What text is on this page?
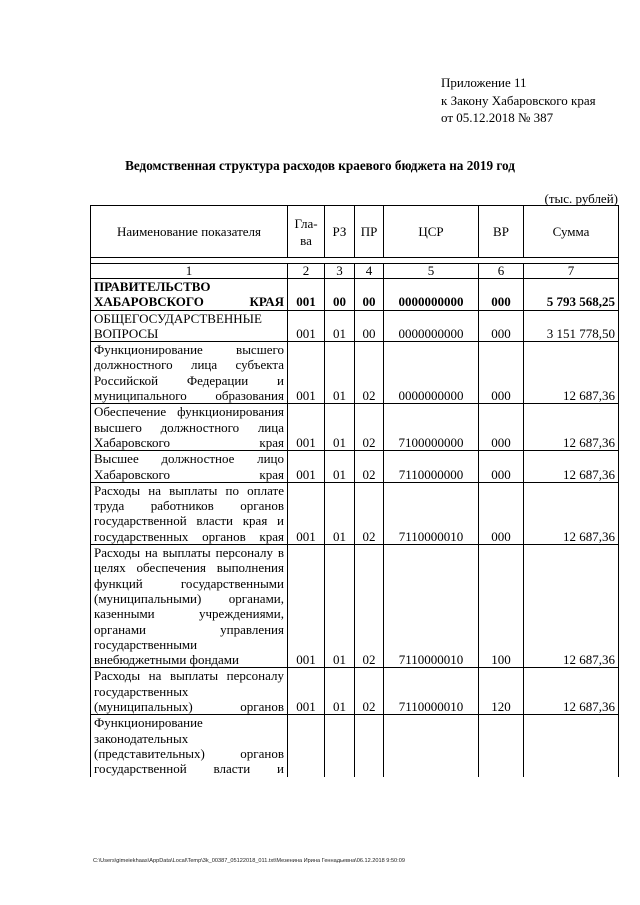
Приложение 11
к Закону Хабаровского края
от 05.12.2018 № 387
Ведомственная структура расходов краевого бюджета на 2019 год
(тыс. рублей)
Наименование показателя	Гла-ва	РЗ	ПР	ЦСР	ВР	Сумма

1	2	3	4	5	6	7
ПРАВИТЕЛЬСТВО ХАБАРОВСКОГО КРАЯ	001	00	00	0000000000	000	5 793 568,25
ОБЩЕГОСУДАРСТВЕННЫЕ ВОПРОСЫ	001	01	00	0000000000	000	3 151 778,50
Функционирование высшего должностного лица субъекта Российской Федерации и муниципального образования	001	01	02	0000000000	000	12 687,36
Обеспечение функционирования высшего должностного лица Хабаровского края	001	01	02	7100000000	000	12 687,36
Высшее должностное лицо Хабаровского края	001	01	02	7110000000	000	12 687,36
Расходы на выплаты по оплате труда работников органов государственной власти края и государственных органов края	001	01	02	7110000010	000	12 687,36
Расходы на выплаты персоналу в целях обеспечения выполнения функций государственными (муниципальными) органами, казенными учреждениями, органами управления государственными внебюджетными фондами	001	01	02	7110000010	100	12 687,36
Расходы на выплаты персоналу государственных (муниципальных) органов	001	01	02	7110000010	120	12 687,36
Функционирование законодательных (представительных) органов государственной власти и						
C:\Users\gimeiekhaas\AppData\Local\Temp\3k_00387_05122018_011.txt\Мезенина Ирина Геннадьевна\06.12.2018 9:50:09
